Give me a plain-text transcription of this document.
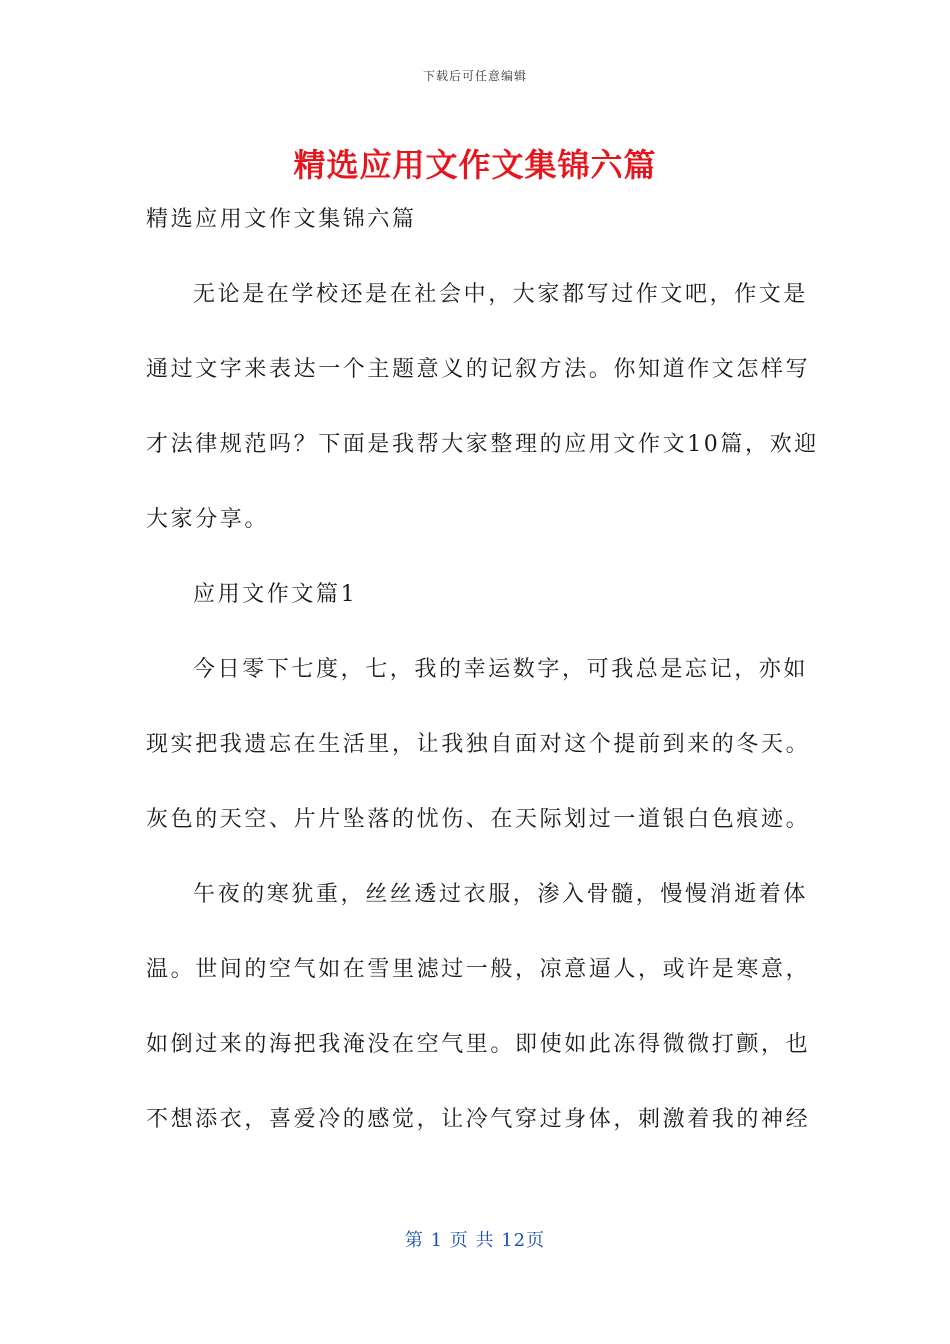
下载后可任意编辑
精选应用文作文集锦六篇
精选应用文作文集锦六篇
无论是在学校还是在社会中，大家都写过作文吧，作文是
通过文字来表达一个主题意义的记叙方法。你知道作文怎样写
才法律规范吗？下面是我帮大家整理的应用文作文10篇，欢迎
大家分享。
应用文作文篇1
今日零下七度，七，我的幸运数字，可我总是忘记，亦如
现实把我遗忘在生活里，让我独自面对这个提前到来的冬天。
灰色的天空、片片坠落的忧伤、在天际划过一道银白色痕迹。
午夜的寒犹重，丝丝透过衣服，渗入骨髓，慢慢消逝着体
温。世间的空气如在雪里滤过一般，凉意逼人，或许是寒意，
如倒过来的海把我淹没在空气里。即使如此冻得微微打颤，也
不想添衣，喜爱冷的感觉，让冷气穿过身体，刺激着我的神经
第 1 页 共 12页
